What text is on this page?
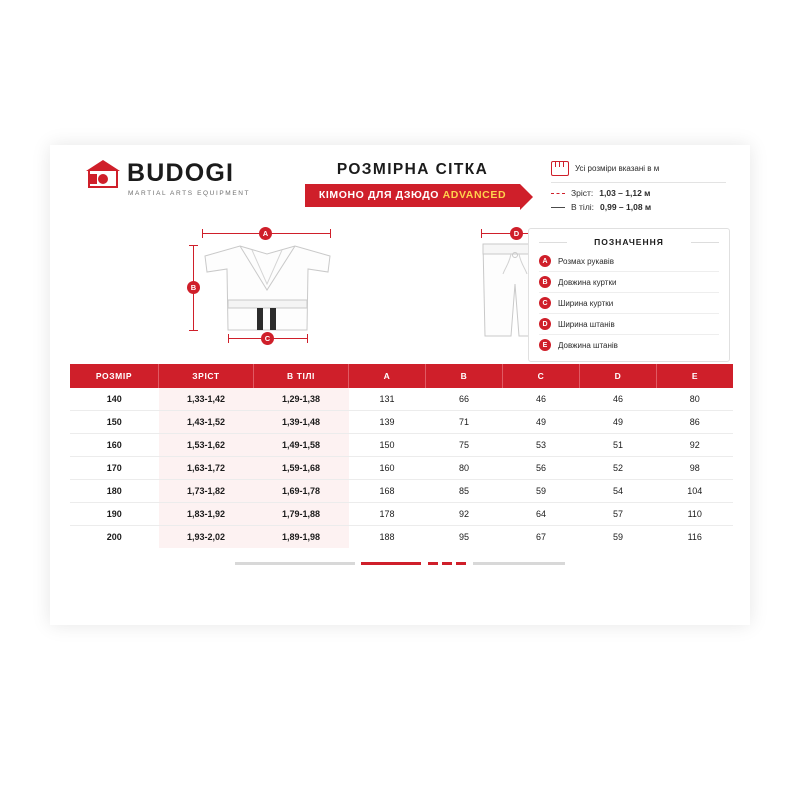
BUDOGI
MARTIAL ARTS EQUIPMENT
РОЗМІРНА СІТКА
КІМОНО ДЛЯ ДЗЮДО ADVANCED
Усі розміри вказані в м
Зріст: 1,03 – 1,12 м
В тілі: 0,99 – 1,08 м
A
B
C
D
ПОЗНАЧЕННЯ
A	Розмах рукавів
B	Довжина куртки
C	Ширина куртки
D	Ширина штанів
E	Довжина штанів
РОЗМІР	ЗРІСТ	В ТІЛІ	A	B	C	D	E
140	1,33-1,42	1,29-1,38	131	66	46	46	80
150	1,43-1,52	1,39-1,48	139	71	49	49	86
160	1,53-1,62	1,49-1,58	150	75	53	51	92
170	1,63-1,72	1,59-1,68	160	80	56	52	98
180	1,73-1,82	1,69-1,78	168	85	59	54	104
190	1,83-1,92	1,79-1,88	178	92	64	57	110
200	1,93-2,02	1,89-1,98	188	95	67	59	116
